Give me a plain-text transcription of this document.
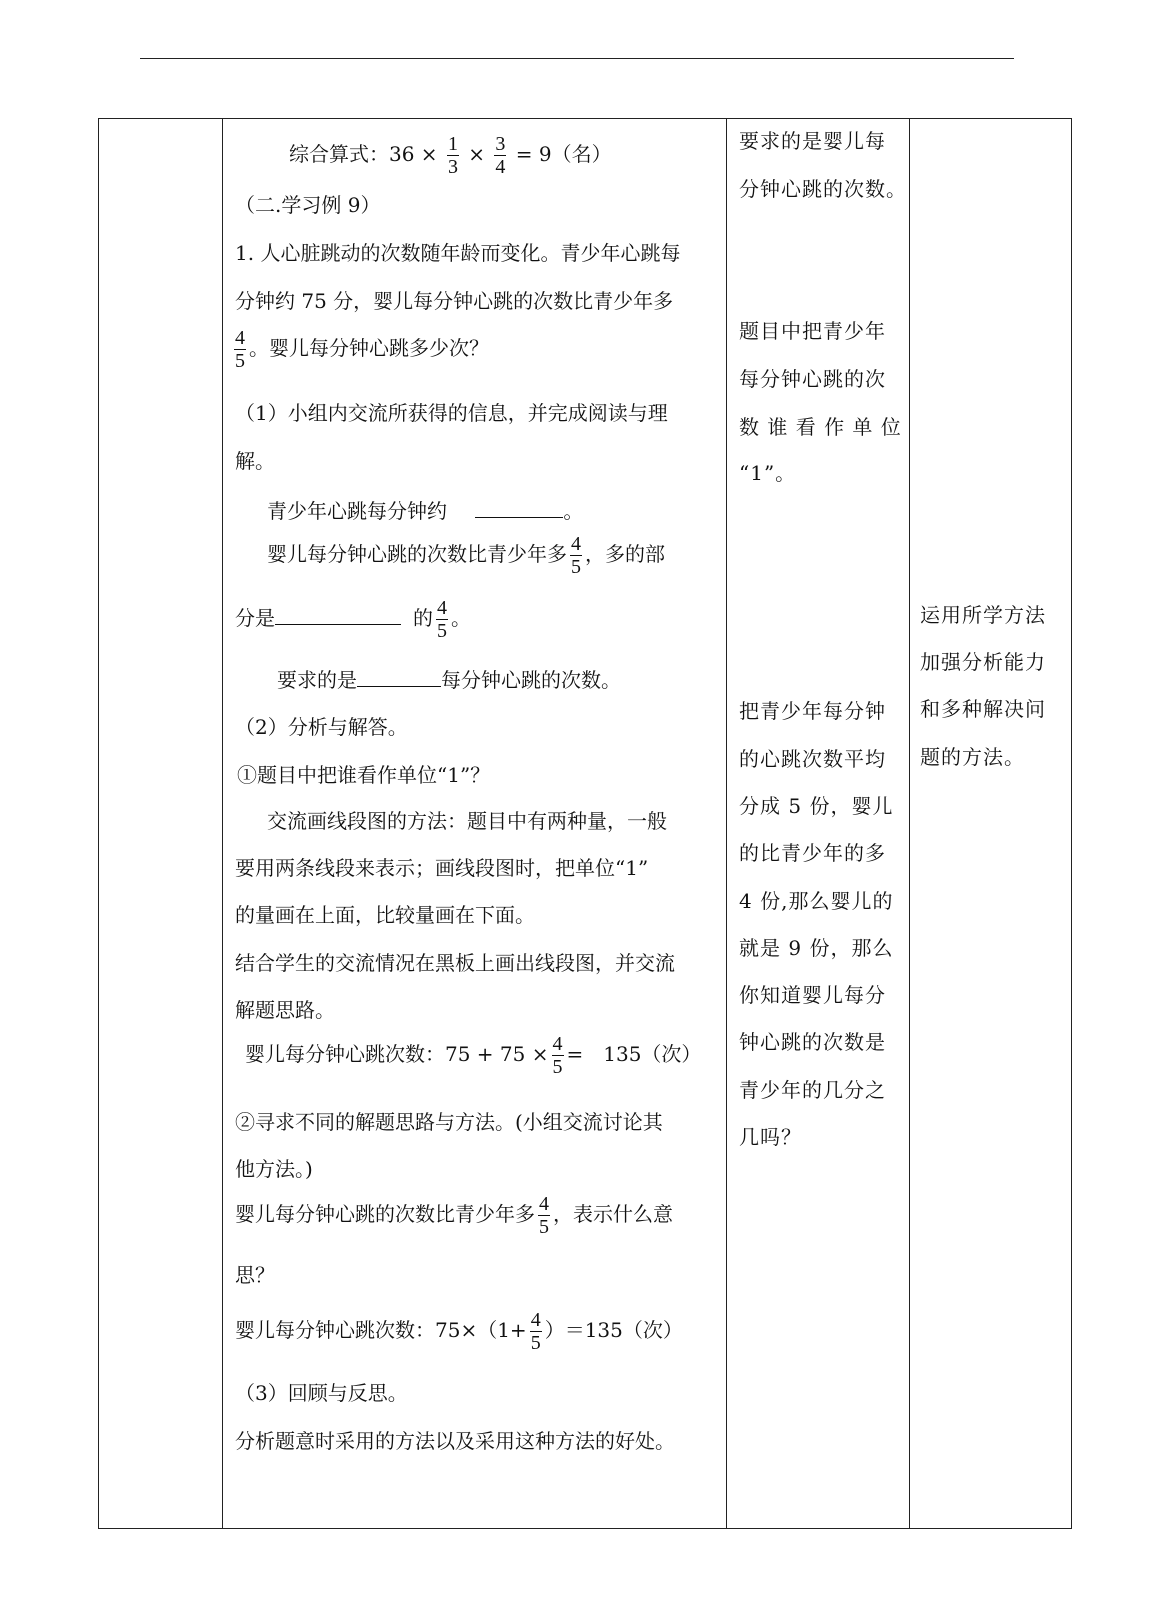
综合算式：$36 \times \frac{1}{3} \times \frac{3}{4} = 9$（名）
（二.学习例 9）
1. 人心脏跳动的次数随年龄而变化。青少年心跳每
分钟约 75 分，婴儿每分钟心跳的次数比青少年多
$\frac{4}{5}$ 。婴儿每分钟心跳多少次？
（1）小组内交流所获得的信息，并完成阅读与理
解。
青少年心跳每分钟约	。
婴儿每分钟心跳的次数比青少年多 $\frac{4}{5}$ ，多的部
分是	的 $\frac{4}{5}$ 。
要求的是	每分钟心跳的次数。
（2）分析与解答。
①题目中把谁看作单位“1”？
交流画线段图的方法：题目中有两种量，一般
要用两条线段来表示；画线段图时，把单位“1”
的量画在上面，比较量画在下面。
结合学生的交流情况在黑板上画出线段图，并交流
解题思路。
婴儿每分钟心跳次数：$75 + 75 \times \frac{4}{5}$ =　135（次）
②寻求不同的解题思路与方法。(小组交流讨论其
他方法。)
婴儿每分钟心跳的次数比青少年多 $\frac{4}{5}$ ，表示什么意
思？
婴儿每分钟心跳次数：$75\times(1+ \frac{4}{5} )=135$（次）
（3）回顾与反思。
分析题意时采用的方法以及采用这种方法的好处。

要求的是婴儿每
分钟心跳的次数。
题目中把青少年
每分钟心跳的次
数 谁 看 作 单 位
“1”。
把青少年每分钟
的心跳次数平均
分成 5 份，婴儿
的比青少年的多
4 份,那么婴儿的
就是 9 份，那么
你知道婴儿每分
钟心跳的次数是
青少年的几分之
几吗？

运用所学方法
加强分析能力
和多种解决问
题的方法。
